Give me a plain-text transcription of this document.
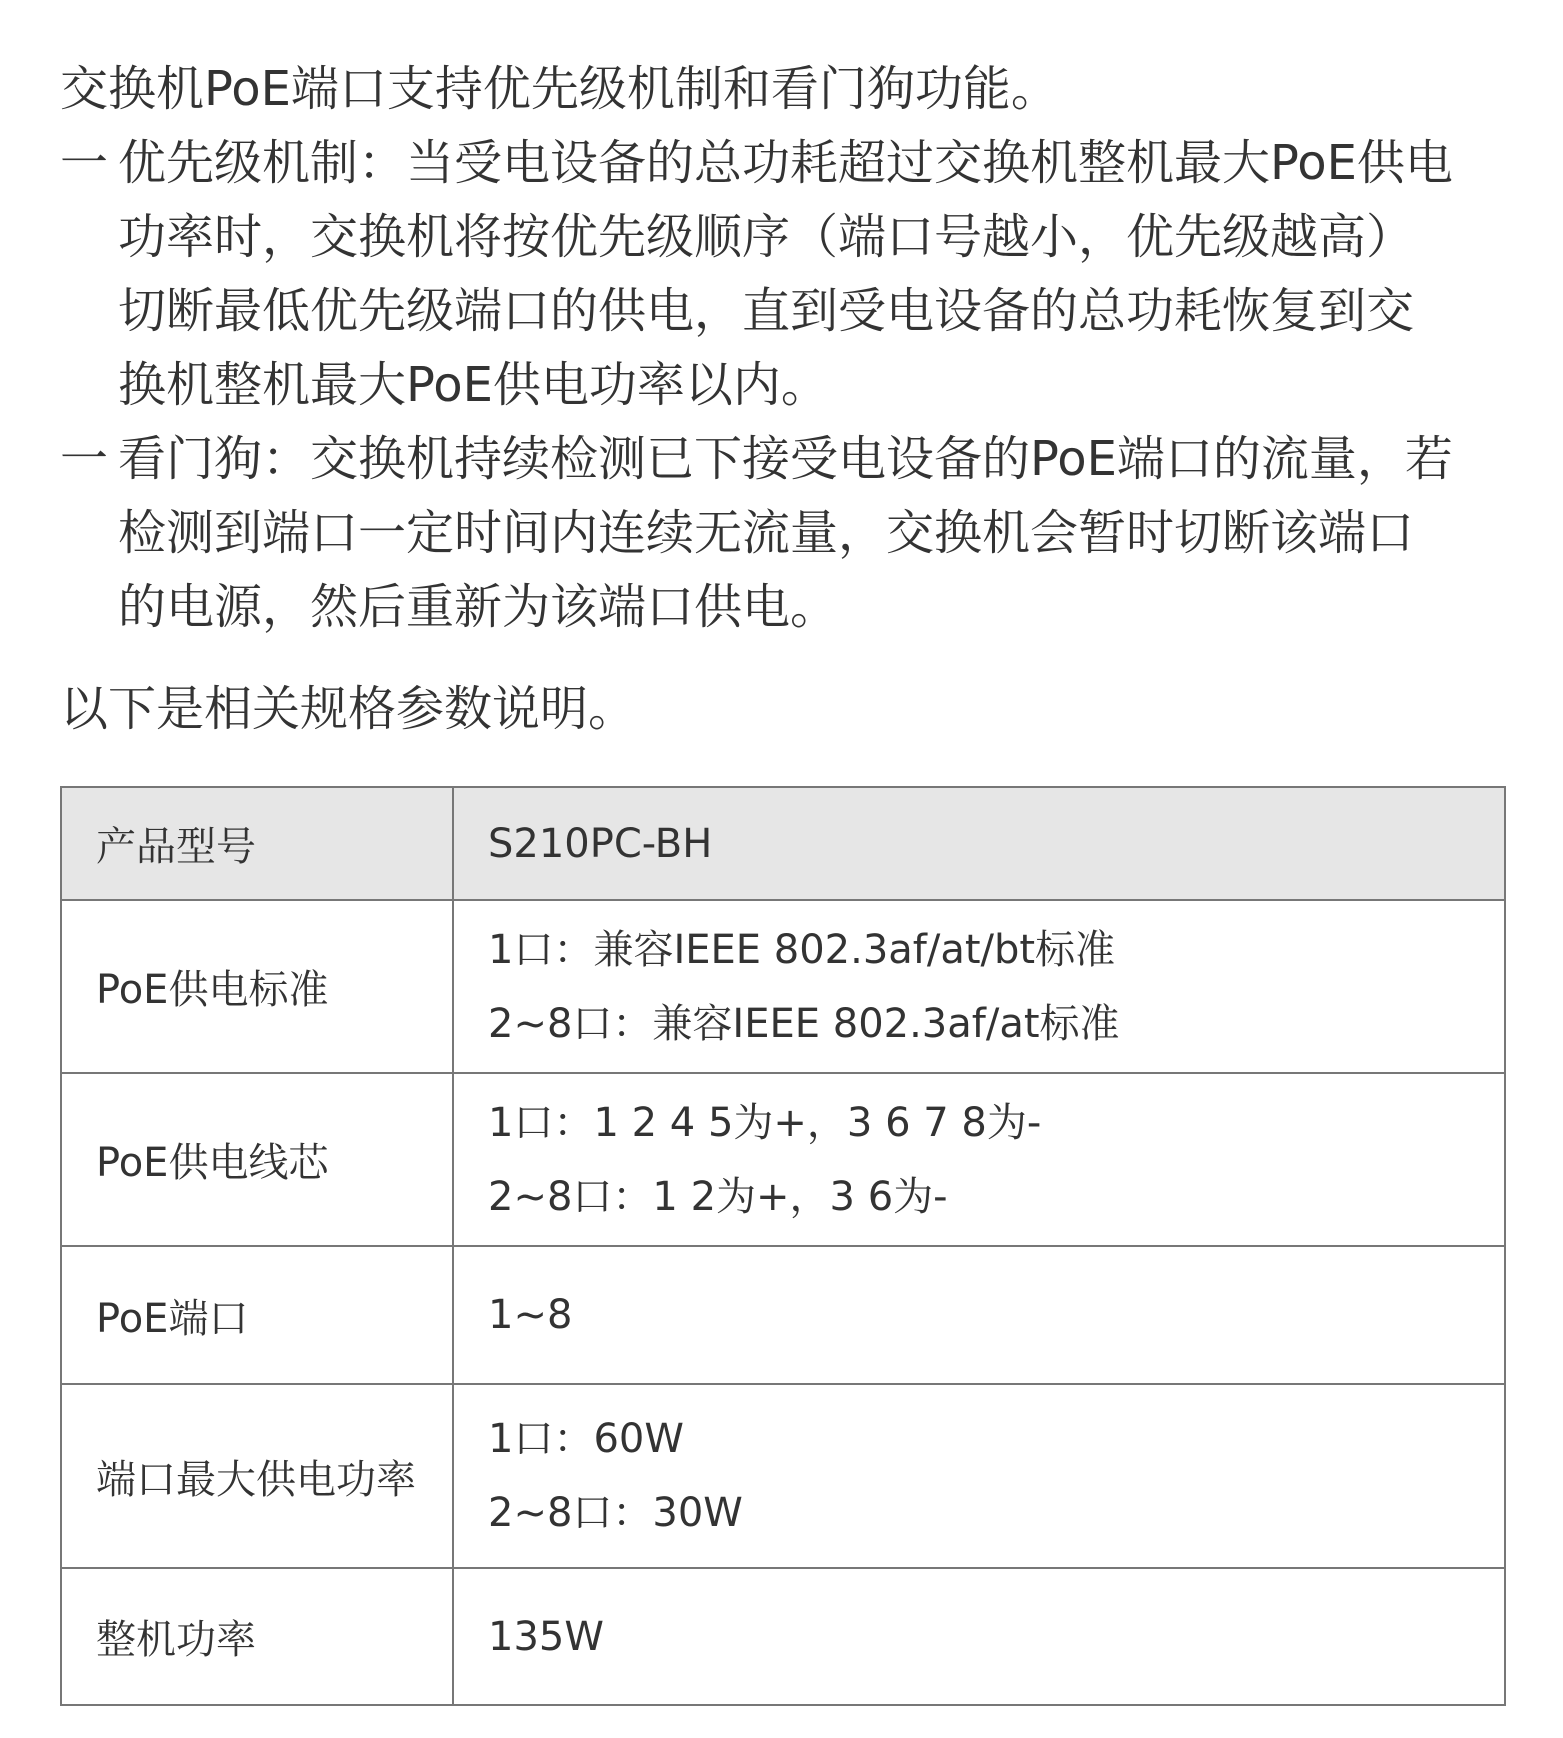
交换机PoE端口支持优先级机制和看门狗功能。

一 优先级机制：当受电设备的总功耗超过交换机整机最大PoE供电
功率时，交换机将按优先级顺序（端口号越小，优先级越高）
切断最低优先级端口的供电，直到受电设备的总功耗恢复到交
换机整机最大PoE供电功率以内。
一 看门狗：交换机持续检测已下接受电设备的PoE端口的流量，若
检测到端口一定时间内连续无流量，交换机会暂时切断该端口
的电源，然后重新为该端口供电。

以下是相关规格参数说明。

产品型号	S210PC-BH

PoE供电标准	1口：兼容IEEE 802.3af/at/bt标准
2~8口：兼容IEEE 802.3af/at标准

PoE供电线芯	1口：1 2 4 5为+，3 6 7 8为-
2~8口：1 2为+，3 6为-

PoE端口	1~8

端口最大供电功率	1口：60W
2~8口：30W

整机功率	135W
